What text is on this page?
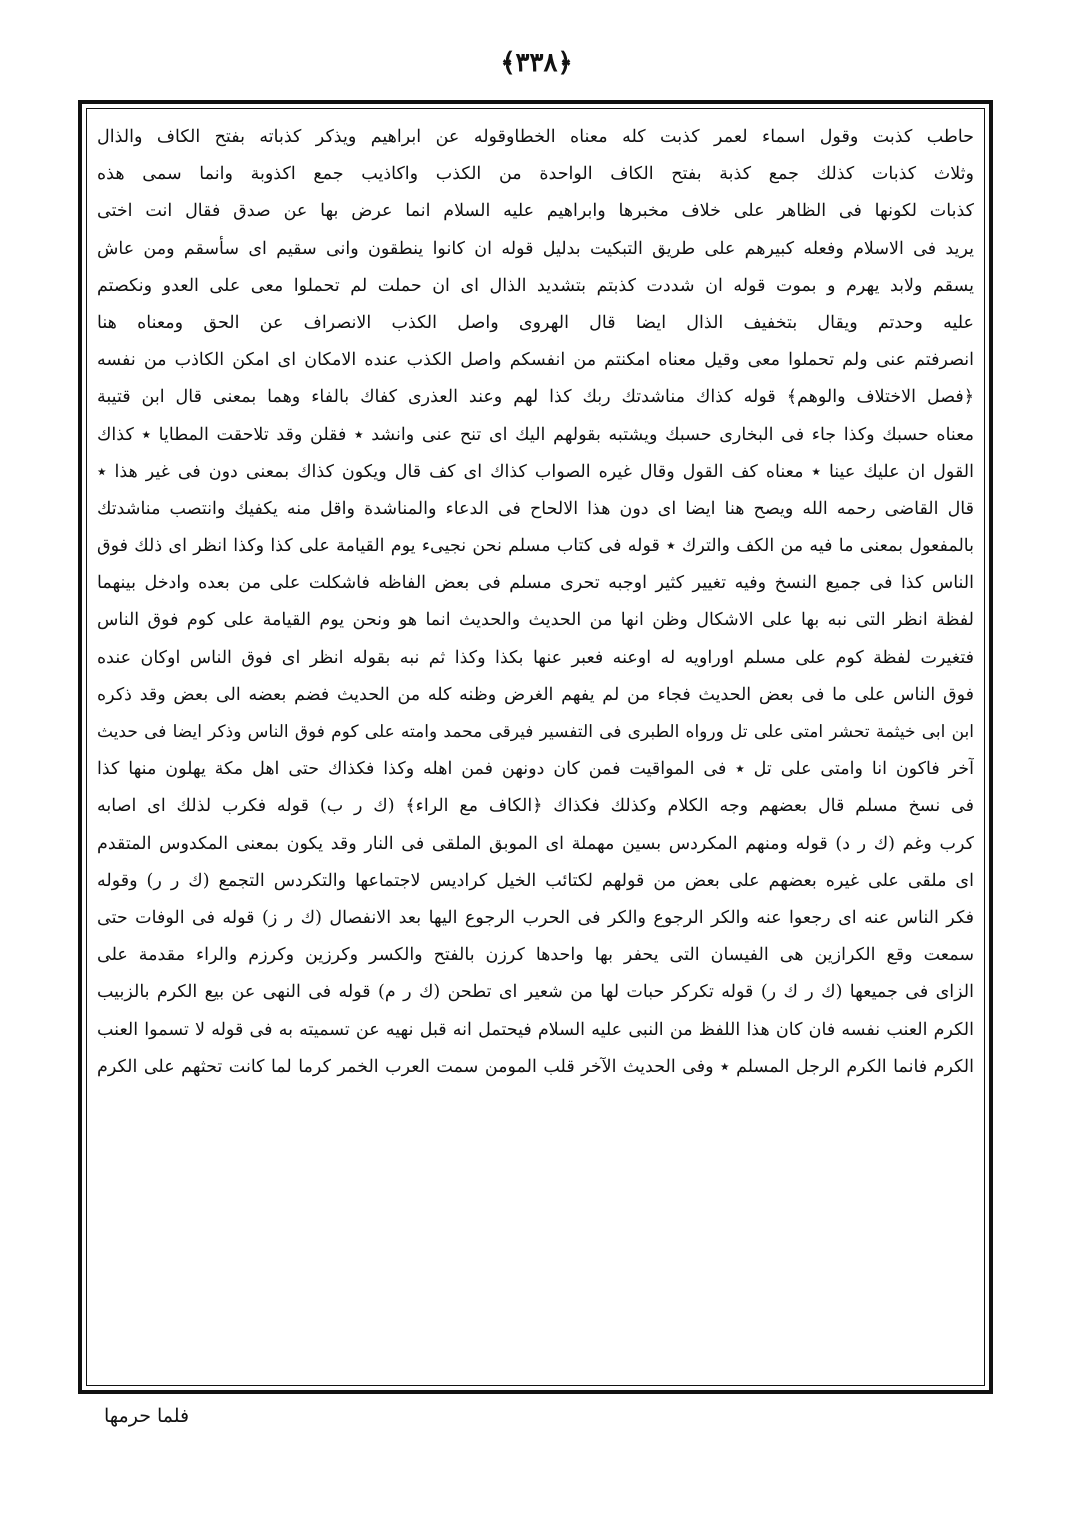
﴿٣٣٨﴾
حاطب كذبت وقول اسماء لعمر كذبت كله معناه الخطاوقوله عن ابراهيم ويذكر كذباته بفتح الكاف والذال
وثلاث كذبات كذلك جمع كذبة بفتح الكاف الواحدة من الكذب واكاذيب جمع اكذوبة وانما سمى هذه
كذبات لكونها فى الظاهر على خلاف مخبرها وابراهيم عليه السلام انما عرض بها عن صدق فقال انت اختى
يريد فى الاسلام وفعله كبيرهم على طريق التبكيت بدليل قوله ان كانوا ينطقون وانى سقيم اى سأسقم ومن عاش
يسقم ولابد يهرم و بموت قوله ان شددت كذبتم بتشديد الذال اى ان حملت لم تحملوا معى على العدو ونكصتم
عليه وحدتم ويقال بتخفيف الذال ايضا قال الهروى واصل الكذب الانصراف عن الحق ومعناه هنا
انصرفتم عنى ولم تحملوا معى وقيل معناه امكنتم من انفسكم واصل الكذب عنده الامكان اى امكن الكاذب من نفسه
﴿فصل الاختلاف والوهم﴾ قوله كذاك مناشدتك ربك كذا لهم وعند العذرى كفاك بالفاء وهما بمعنى قال ابن قتيبة
معناه حسبك وكذا جاء فى البخارى حسبك ويشتبه بقولهم اليك اى تنح عنى وانشد ٭ فقلن وقد تلاحقت المطايا ٭ كذاك
القول ان عليك عينا ٭ معناه كف القول وقال غيره الصواب كذاك اى كف قال ويكون كذاك بمعنى دون فى غير هذا ٭
قال القاضى رحمه الله ويصح هنا ايضا اى دون هذا الالحاح فى الدعاء والمناشدة واقل منه يكفيك وانتصب مناشدتك
بالمفعول بمعنى ما فيه من الكف والترك ٭ قوله فى كتاب مسلم نحن نجيىء يوم القيامة على كذا وكذا انظر اى ذلك فوق
الناس كذا فى جميع النسخ وفيه تغيير كثير اوجبه تحرى مسلم فى بعض الفاظه فاشكلت على من بعده وادخل بينهما
لفظة انظر التى نبه بها على الاشكال وظن انها من الحديث والحديث انما هو ونحن يوم القيامة على كوم فوق الناس
فتغيرت لفظة كوم على مسلم اوراويه له اوعنه فعبر عنها بكذا وكذا ثم نبه بقوله انظر اى فوق الناس اوكان عنده
فوق الناس على ما فى بعض الحديث فجاء من لم يفهم الغرض وظنه كله من الحديث فضم بعضه الى بعض وقد ذكره
ابن ابى خيثمة تحشر امتى على تل ورواه الطبرى فى التفسير فيرقى محمد وامته على كوم فوق الناس وذكر ايضا فى حديث
آخر فاكون انا وامتى على تل ٭ فى المواقيت فمن كان دونهن فمن اهله وكذا فكذاك حتى اهل مكة يهلون منها كذا
فى نسخ مسلم قال بعضهم وجه الكلام وكذلك فكذاك ﴿الكاف مع الراء﴾ (ك ر ب) قوله فكرب لذلك اى اصابه
كرب وغم (ك ر د) قوله ومنهم المكردس بسين مهملة اى الموبق الملقى فى النار وقد يكون بمعنى المكدوس المتقدم
اى ملقى على غيره بعضهم على بعض من قولهم لكتائب الخيل كراديس لاجتماعها والتكردس التجمع (ك ر ر) وقوله
فكر الناس عنه اى رجعوا عنه والكر الرجوع والكر فى الحرب الرجوع اليها بعد الانفصال (ك ر ز) قوله فى الوفات حتى
سمعت وقع الكرازين هى الفيسان التى يحفر بها واحدها كرزن بالفتح والكسر وكرزين وكرزم والراء مقدمة على
الزاى فى جميعها (ك ر ك ر) قوله تكركر حبات لها من شعير اى تطحن (ك ر م) قوله فى النهى عن بيع الكرم بالزبيب
الكرم العنب نفسه فان كان هذا اللفظ من النبى عليه السلام فيحتمل انه قبل نهيه عن تسميته به فى قوله لا تسموا العنب
الكرم فانما الكرم الرجل المسلم ٭ وفى الحديث الآخر قلب المومن سمت العرب الخمر كرما لما كانت تحثهم على الكرم
فلما حرمها
